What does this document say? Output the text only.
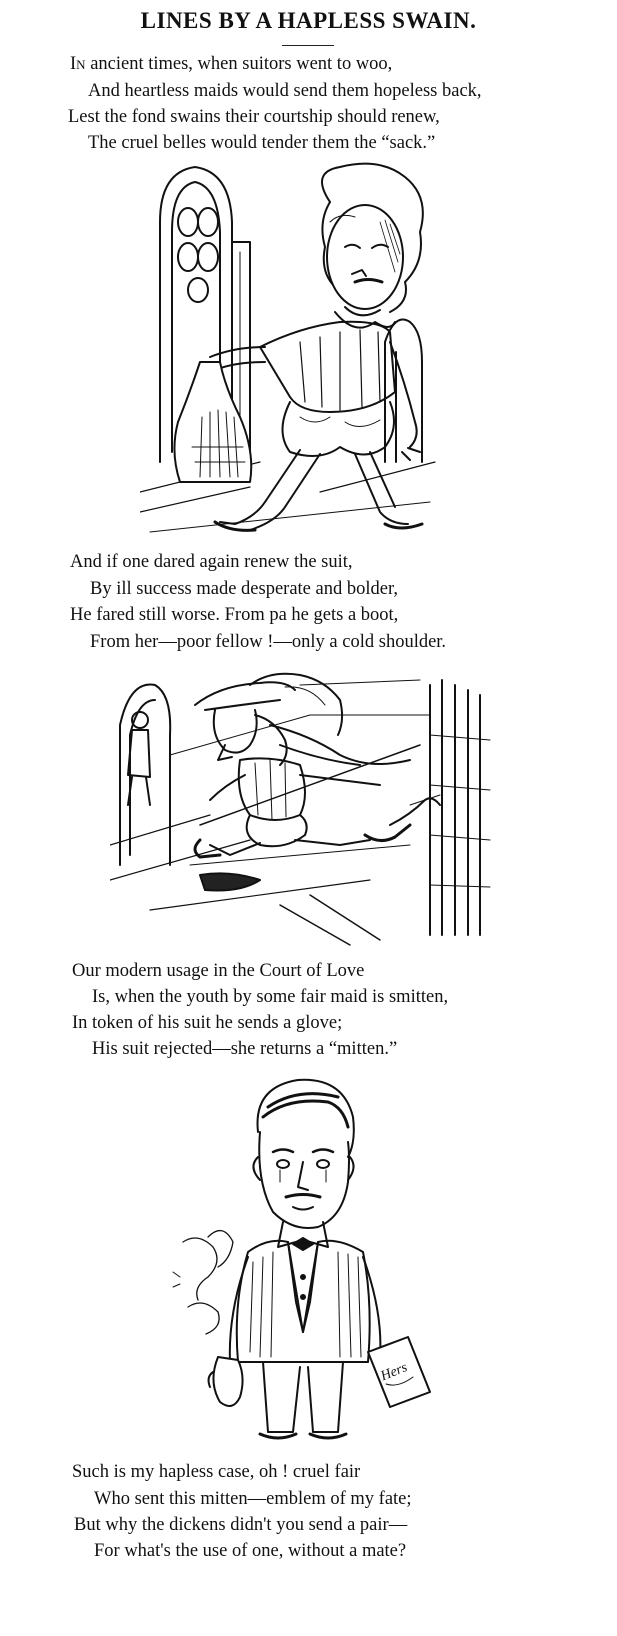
LINES BY A HAPLESS SWAIN.
In ancient times, when suitors went to woo,
And heartless maids would send them hopeless back,
Lest the fond swains their courtship should renew,
The cruel belles would tender them the “sack.”
And if one dared again renew the suit,
By ill success made desperate and bolder,
He fared still worse. From pa he gets a boot,
From her—poor fellow !—only a cold shoulder.
Our modern usage in the Court of Love
Is, when the youth by some fair maid is smitten,
In token of his suit he sends a glove;
His suit rejected—she returns a “mitten.”
Hers
Such is my hapless case, oh ! cruel fair
Who sent this mitten—emblem of my fate;
But why the dickens didn't you send a pair—
For what's the use of one, without a mate?
